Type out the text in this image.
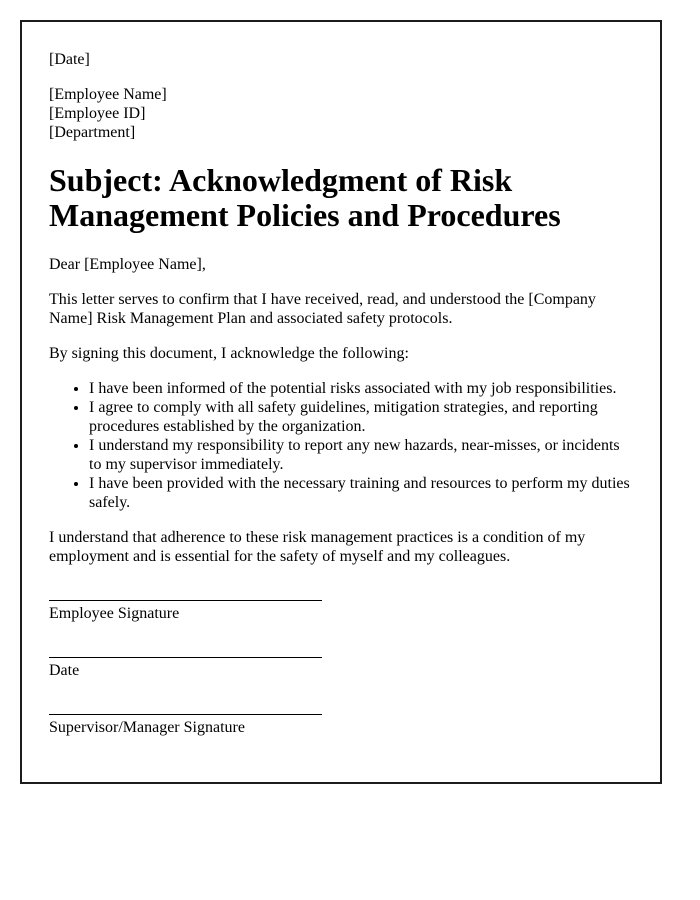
[Date]

[Employee Name]
[Employee ID]
[Department]

Subject: Acknowledgment of Risk Management Policies and Procedures

Dear [Employee Name],

This letter serves to confirm that I have received, read, and understood the [Company Name] Risk Management Plan and associated safety protocols.

By signing this document, I acknowledge the following:

• I have been informed of the potential risks associated with my job responsibilities.
• I agree to comply with all safety guidelines, mitigation strategies, and reporting procedures established by the organization.
• I understand my responsibility to report any new hazards, near-misses, or incidents to my supervisor immediately.
• I have been provided with the necessary training and resources to perform my duties safely.

I understand that adherence to these risk management practices is a condition of my employment and is essential for the safety of myself and my colleagues.

Employee Signature
Date
Supervisor/Manager Signature
